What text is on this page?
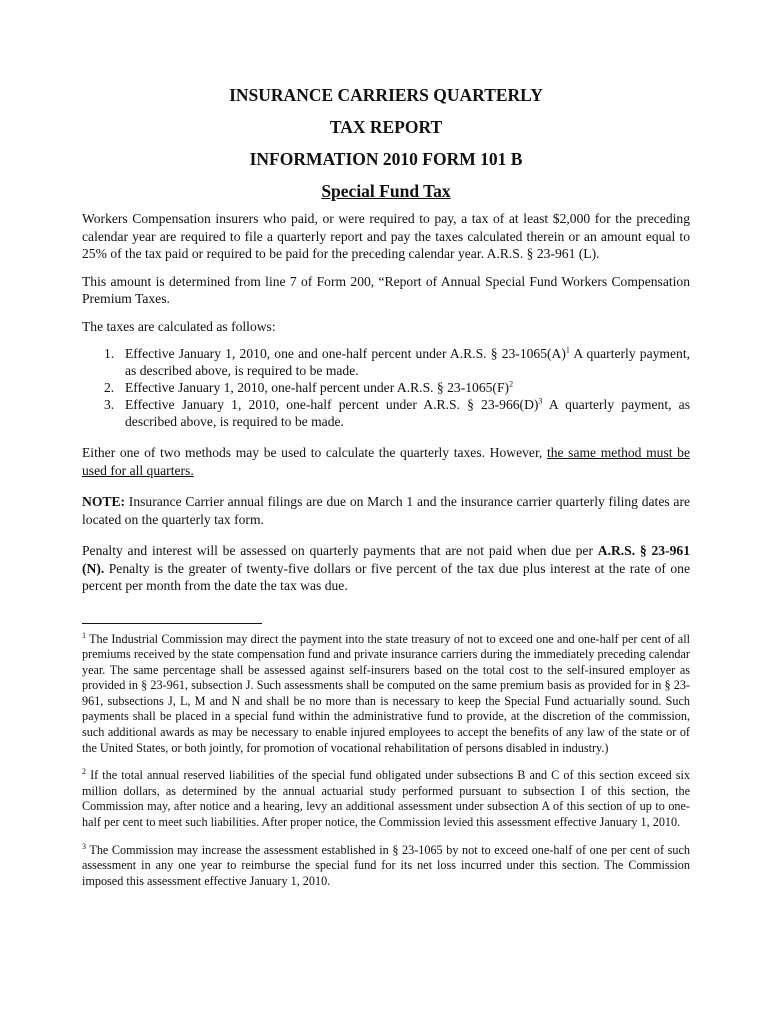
INSURANCE CARRIERS QUARTERLY
TAX REPORT
INFORMATION 2010 FORM 101 B
Special Fund Tax

Workers Compensation insurers who paid, or were required to pay, a tax of at least $2,000 for the preceding calendar year are required to file a quarterly report and pay the taxes calculated therein or an amount equal to 25% of the tax paid or required to be paid for the preceding calendar year. A.R.S. § 23-961 (L).

This amount is determined from line 7 of Form 200, “Report of Annual Special Fund Workers Compensation Premium Taxes.

The taxes are calculated as follows:

1. Effective January 1, 2010, one and one-half percent under A.R.S. § $23-1065(A)^1$ A quarterly payment, as described above, is required to be made.
2. Effective January 1, 2010, one-half percent under A.R.S. § $23-1065(F)^2$
3. Effective January 1, 2010, one-half percent under A.R.S. § $23-966(D)^3$ A quarterly payment, as described above, is required to be made.

Either one of two methods may be used to calculate the quarterly taxes. However, the same method must be used for all quarters.

NOTE: Insurance Carrier annual filings are due on March 1 and the insurance carrier quarterly filing dates are located on the quarterly tax form.

Penalty and interest will be assessed on quarterly payments that are not paid when due per A.R.S. § 23-961 (N). Penalty is the greater of twenty-five dollars or five percent of the tax due plus interest at the rate of one percent per month from the date the tax was due.

$^1$ The Industrial Commission may direct the payment into the state treasury of not to exceed one and one-half per cent of all premiums received by the state compensation fund and private insurance carriers during the immediately preceding calendar year. The same percentage shall be assessed against self-insurers based on the total cost to the self-insured employer as provided in § 23-961, subsection J. Such assessments shall be computed on the same premium basis as provided for in § 23-961, subsections J, L, M and N and shall be no more than is necessary to keep the Special Fund actuarially sound. Such payments shall be placed in a special fund within the administrative fund to provide, at the discretion of the commission, such additional awards as may be necessary to enable injured employees to accept the benefits of any law of the state or of the United States, or both jointly, for promotion of vocational rehabilitation of persons disabled in industry.)

$^2$ If the total annual reserved liabilities of the special fund obligated under subsections B and C of this section exceed six million dollars, as determined by the annual actuarial study performed pursuant to subsection I of this section, the Commission may, after notice and a hearing, levy an additional assessment under subsection A of this section of up to one-half per cent to meet such liabilities. After proper notice, the Commission levied this assessment effective January 1, 2010.

$^3$ The Commission may increase the assessment established in § 23-1065 by not to exceed one-half of one per cent of such assessment in any one year to reimburse the special fund for its net loss incurred under this section. The Commission imposed this assessment effective January 1, 2010.
